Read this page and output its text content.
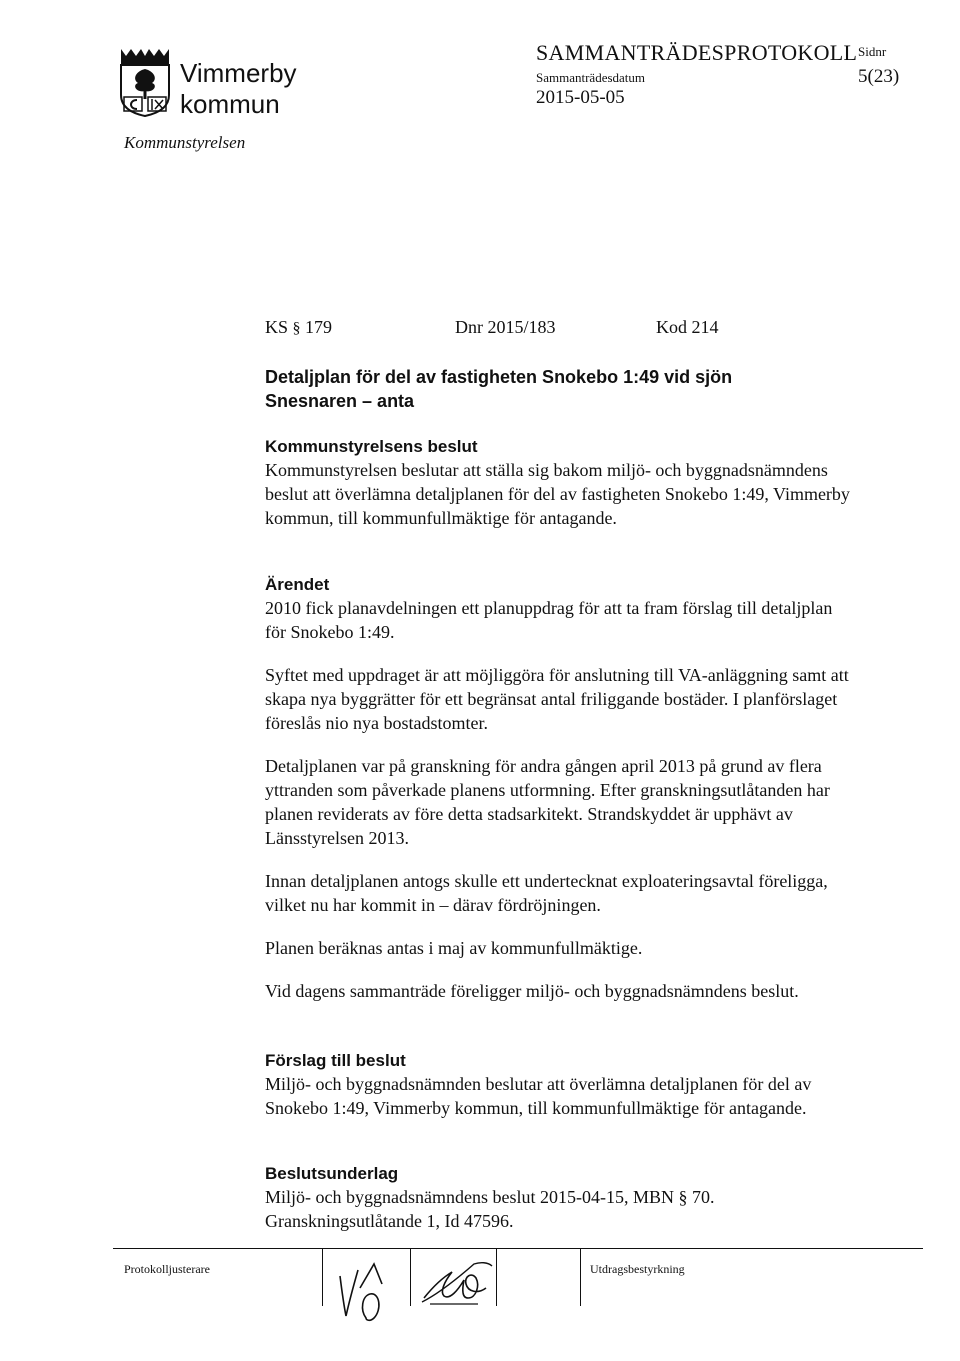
Vimmerby
kommun
Kommunstyrelsen
SAMMANTRÄDESPROTOKOLL
Sammanträdesdatum
2015-05-05
Sidnr
5(23)
KS § 179	Dnr 2015/183	Kod 214
Detaljplan för del av fastigheten Snokebo 1:49 vid sjön
Snesnaren – anta
Kommunstyrelsens beslut

Kommunstyrelsen beslutar att ställa sig bakom miljö- och byggnadsnämndens beslut att överlämna detaljplanen för del av fastigheten Snokebo 1:49, Vimmerby kommun, till kommunfullmäktige för antagande.

Ärendet

2010 fick planavdelningen ett planuppdrag för att ta fram förslag till detaljplan för Snokebo 1:49.

Syftet med uppdraget är att möjliggöra för anslutning till VA-anläggning samt att skapa nya byggrätter för ett begränsat antal friliggande bostäder. I planförslaget föreslås nio nya bostadstomter.

Detaljplanen var på granskning för andra gången april 2013 på grund av flera yttranden som påverkade planens utformning. Efter granskningsutlåtanden har planen reviderats av före detta stadsarkitekt. Strandskyddet är upphävt av Länsstyrelsen 2013.

Innan detaljplanen antogs skulle ett undertecknat exploateringsavtal föreligga, vilket nu har kommit in – därav fördröjningen.

Planen beräknas antas i maj av kommunfullmäktige.

Vid dagens sammanträde föreligger miljö- och byggnadsnämndens beslut.

Förslag till beslut

Miljö- och byggnadsnämnden beslutar att överlämna detaljplanen för del av Snokebo 1:49, Vimmerby kommun, till kommunfullmäktige för antagande.

Beslutsunderlag

Miljö- och byggnadsnämndens beslut 2015-04-15, MBN § 70.

Granskningsutlåtande 1, Id 47596.

Protokolljusterare	Utdragsbestyrkning
